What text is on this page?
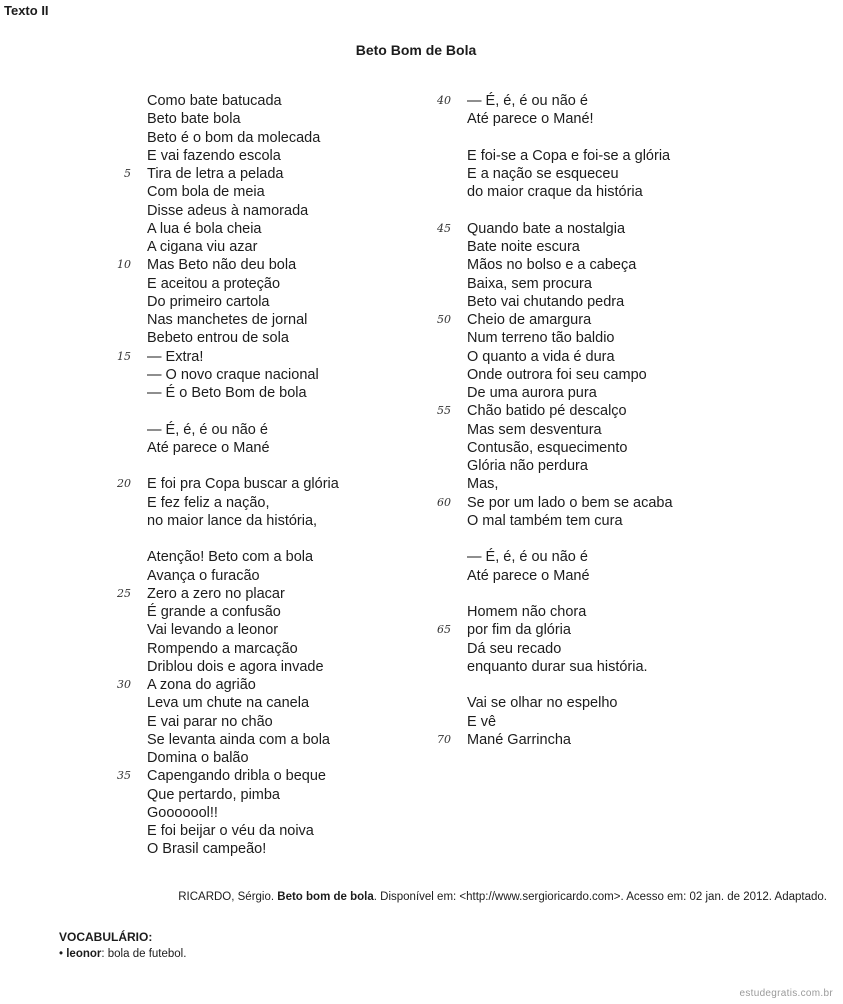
Texto II
Beto Bom de Bola
Como bate batucada
Beto bate bola
Beto é o bom da molecada
E vai fazendo escola
Tira de letra a pelada
5
Com bola de meia
Disse adeus à namorada
A lua é bola cheia
A cigana viu azar
Mas Beto não deu bola
10
E aceitou a proteção
Do primeiro cartola
Nas manchetes de jornal
Bebeto entrou de sola
— Extra!
15
— O novo craque nacional
— É o Beto Bom de bola
— É, é, é ou não é
Até parece o Mané
E foi pra Copa buscar a glória
20
E fez feliz a nação,
no maior lance da história,
Atenção! Beto com a bola
Avança o furacão
Zero a zero no placar
25
É grande a confusão
Vai levando a leonor
Rompendo a marcação
Driblou dois e agora invade
A zona do agrião
30
Leva um chute na canela
E vai parar no chão
Se levanta ainda com a bola
Domina o balão
Capengando dribla o beque
35
Que pertardo, pimba
Gooooool!!
E foi beijar o véu da noiva
O Brasil campeão!
— É, é, é ou não é
40
Até parece o Mané!
E foi-se a Copa e foi-se a glória
E a nação se esqueceu
do maior craque da história
Quando bate a nostalgia
45
Bate noite escura
Mãos no bolso e a cabeça
Baixa, sem procura
Beto vai chutando pedra
Cheio de amargura
50
Num terreno tão baldio
O quanto a vida é dura
Onde outrora foi seu campo
De uma aurora pura
Chão batido pé descalço
55
Mas sem desventura
Contusão, esquecimento
Glória não perdura
Mas,
Se por um lado o bem se acaba
60
O mal também tem cura
— É, é, é ou não é
Até parece o Mané
Homem não chora
por fim da glória
65
Dá seu recado
enquanto durar sua história.
Vai se olhar no espelho
E vê
Mané Garrincha
70
RICARDO, Sérgio. Beto bom de bola. Disponível em: <http://www.sergioricardo.com>. Acesso em: 02 jan. de 2012. Adaptado.
VOCABULÁRIO:
• leonor: bola de futebol.
estudegratis.com.br
